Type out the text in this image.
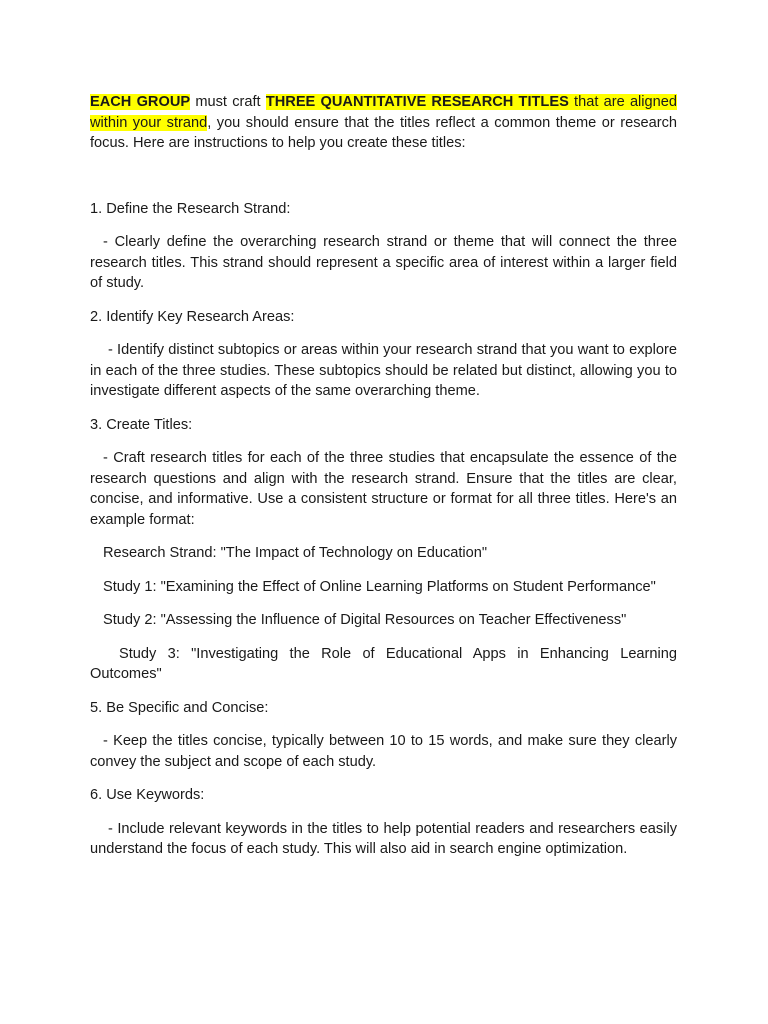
EACH GROUP must craft THREE QUANTITATIVE RESEARCH TITLES that are aligned within your strand, you should ensure that the titles reflect a common theme or research focus. Here are instructions to help you create these titles:

1. Define the Research Strand:

- Clearly define the overarching research strand or theme that will connect the three research titles. This strand should represent a specific area of interest within a larger field of study.

2. Identify Key Research Areas:

- Identify distinct subtopics or areas within your research strand that you want to explore in each of the three studies. These subtopics should be related but distinct, allowing you to investigate different aspects of the same overarching theme.

3. Create Titles:

- Craft research titles for each of the three studies that encapsulate the essence of the research questions and align with the research strand. Ensure that the titles are clear, concise, and informative. Use a consistent structure or format for all three titles. Here's an example format:

Research Strand: "The Impact of Technology on Education"

Study 1: "Examining the Effect of Online Learning Platforms on Student Performance"

Study 2: "Assessing the Influence of Digital Resources on Teacher Effectiveness"

Study 3: "Investigating the Role of Educational Apps in Enhancing Learning Outcomes"

5. Be Specific and Concise:

- Keep the titles concise, typically between 10 to 15 words, and make sure they clearly convey the subject and scope of each study.

6. Use Keywords:

- Include relevant keywords in the titles to help potential readers and researchers easily understand the focus of each study. This will also aid in search engine optimization.
